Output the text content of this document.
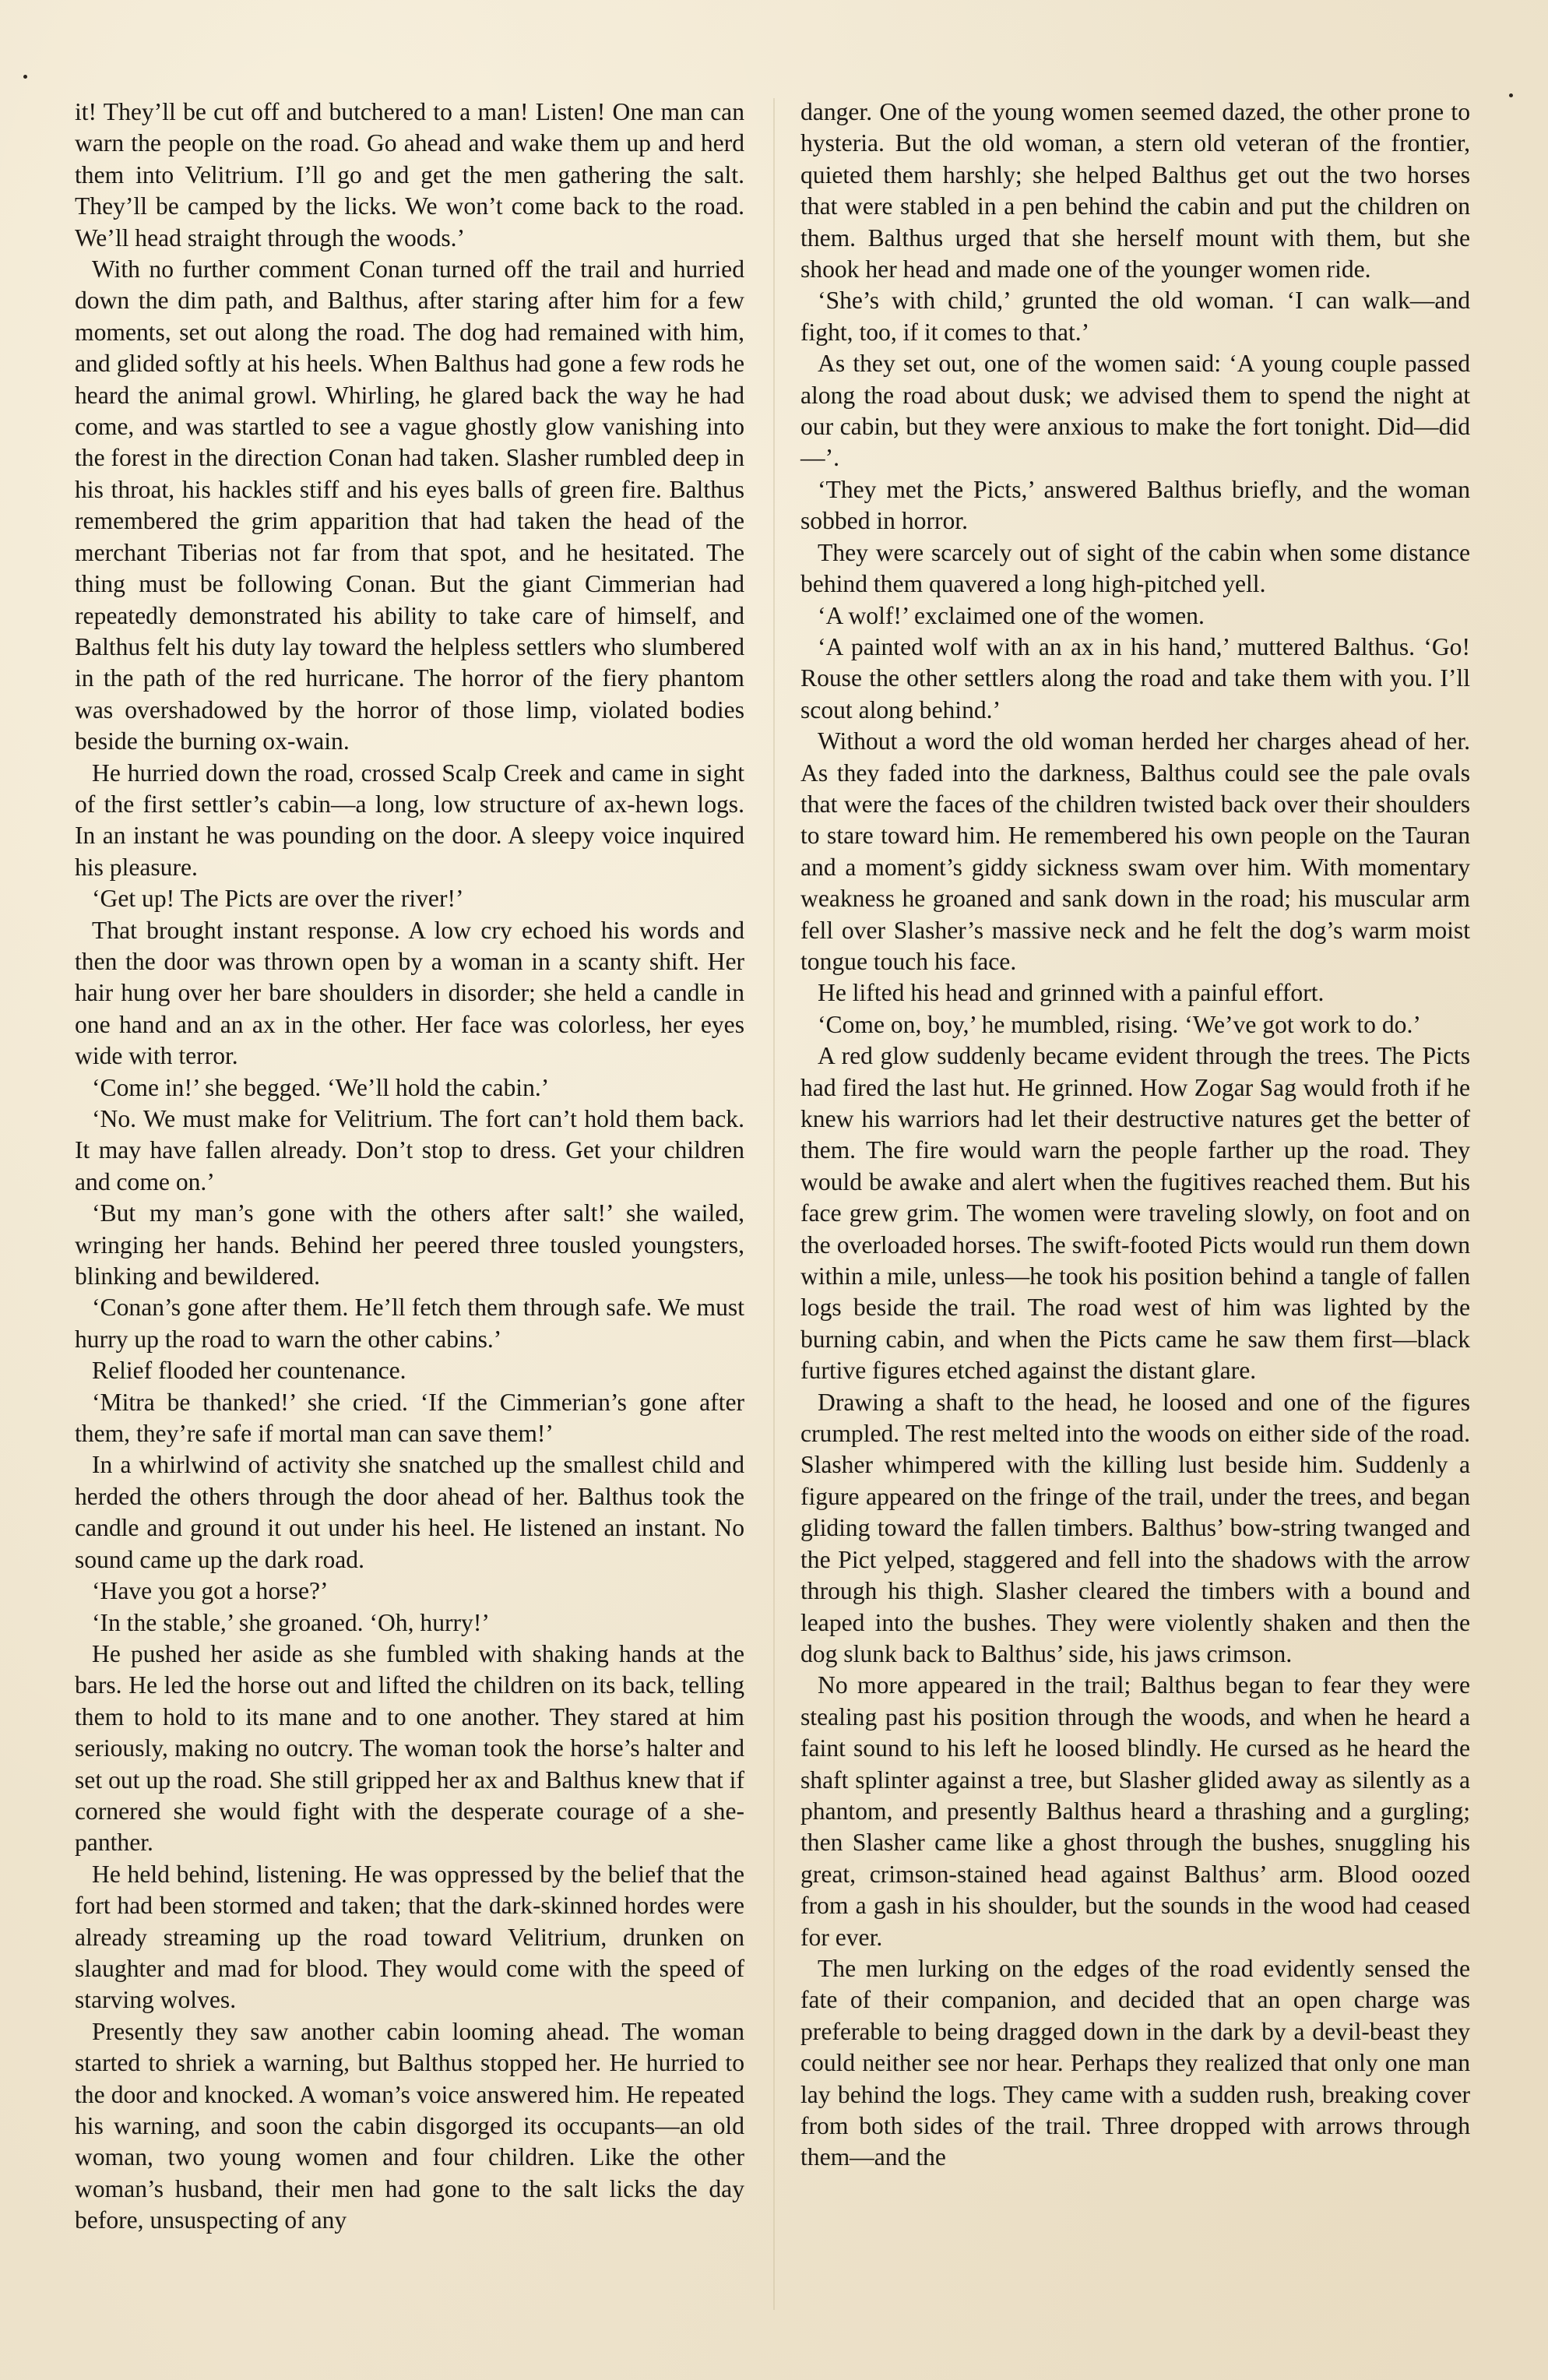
it! They’ll be cut off and butchered to a man! Listen! One man can warn the people on the road. Go ahead and wake them up and herd them into Velitrium. I’ll go and get the men gathering the salt. They’ll be camped by the licks. We won’t come back to the road. We’ll head straight through the woods.’

With no further comment Conan turned off the trail and hurried down the dim path, and Balthus, after staring after him for a few moments, set out along the road. The dog had remained with him, and glided softly at his heels. When Balthus had gone a few rods he heard the animal growl. Whirling, he glared back the way he had come, and was startled to see a vague ghostly glow vanishing into the forest in the direction Conan had taken. Slasher rumbled deep in his throat, his hackles stiff and his eyes balls of green fire. Balthus remembered the grim apparition that had taken the head of the merchant Tiberias not far from that spot, and he hesitated. The thing must be following Conan. But the giant Cimmerian had repeatedly demonstrated his ability to take care of himself, and Balthus felt his duty lay toward the helpless settlers who slumbered in the path of the red hurricane. The horror of the fiery phantom was overshadowed by the horror of those limp, violated bodies beside the burning ox-wain.

He hurried down the road, crossed Scalp Creek and came in sight of the first settler’s cabin—a long, low structure of ax-hewn logs. In an instant he was pounding on the door. A sleepy voice inquired his pleasure.

‘Get up! The Picts are over the river!’

That brought instant response. A low cry echoed his words and then the door was thrown open by a woman in a scanty shift. Her hair hung over her bare shoulders in disorder; she held a candle in one hand and an ax in the other. Her face was colorless, her eyes wide with terror.

‘Come in!’ she begged. ‘We’ll hold the cabin.’

‘No. We must make for Velitrium. The fort can’t hold them back. It may have fallen already. Don’t stop to dress. Get your children and come on.’

‘But my man’s gone with the others after salt!’ she wailed, wringing her hands. Behind her peered three tousled youngsters, blinking and bewildered.

‘Conan’s gone after them. He’ll fetch them through safe. We must hurry up the road to warn the other cabins.’

Relief flooded her countenance.

‘Mitra be thanked!’ she cried. ‘If the Cimmerian’s gone after them, they’re safe if mortal man can save them!’

In a whirlwind of activity she snatched up the smallest child and herded the others through the door ahead of her. Balthus took the candle and ground it out under his heel. He listened an instant. No sound came up the dark road.

‘Have you got a horse?’

‘In the stable,’ she groaned. ‘Oh, hurry!’

He pushed her aside as she fumbled with shaking hands at the bars. He led the horse out and lifted the children on its back, telling them to hold to its mane and to one another. They stared at him seriously, making no outcry. The woman took the horse’s halter and set out up the road. She still gripped her ax and Balthus knew that if cornered she would fight with the desperate courage of a she-panther.

He held behind, listening. He was oppressed by the belief that the fort had been stormed and taken; that the dark-skinned hordes were already streaming up the road toward Velitrium, drunken on slaughter and mad for blood. They would come with the speed of starving wolves.

Presently they saw another cabin looming ahead. The woman started to shriek a warning, but Balthus stopped her. He hurried to the door and knocked. A woman’s voice answered him. He repeated his warning, and soon the cabin disgorged its occupants—an old woman, two young women and four children. Like the other woman’s husband, their men had gone to the salt licks the day before, unsuspecting of any

danger. One of the young women seemed dazed, the other prone to hysteria. But the old woman, a stern old veteran of the frontier, quieted them harshly; she helped Balthus get out the two horses that were stabled in a pen behind the cabin and put the children on them. Balthus urged that she herself mount with them, but she shook her head and made one of the younger women ride.

‘She’s with child,’ grunted the old woman. ‘I can walk—and fight, too, if it comes to that.’

As they set out, one of the women said: ‘A young couple passed along the road about dusk; we advised them to spend the night at our cabin, but they were anxious to make the fort tonight. Did—did—’.

‘They met the Picts,’ answered Balthus briefly, and the woman sobbed in horror.

They were scarcely out of sight of the cabin when some distance behind them quavered a long high-pitched yell.

‘A wolf!’ exclaimed one of the women.

‘A painted wolf with an ax in his hand,’ muttered Balthus. ‘Go! Rouse the other settlers along the road and take them with you. I’ll scout along behind.’

Without a word the old woman herded her charges ahead of her. As they faded into the darkness, Balthus could see the pale ovals that were the faces of the children twisted back over their shoulders to stare toward him. He remembered his own people on the Tauran and a moment’s giddy sickness swam over him. With momentary weakness he groaned and sank down in the road; his muscular arm fell over Slasher’s massive neck and he felt the dog’s warm moist tongue touch his face.

He lifted his head and grinned with a painful effort.

‘Come on, boy,’ he mumbled, rising. ‘We’ve got work to do.’

A red glow suddenly became evident through the trees. The Picts had fired the last hut. He grinned. How Zogar Sag would froth if he knew his warriors had let their destructive natures get the better of them. The fire would warn the people farther up the road. They would be awake and alert when the fugitives reached them. But his face grew grim. The women were traveling slowly, on foot and on the overloaded horses. The swift-footed Picts would run them down within a mile, unless—he took his position behind a tangle of fallen logs beside the trail. The road west of him was lighted by the burning cabin, and when the Picts came he saw them first—black furtive figures etched against the distant glare.

Drawing a shaft to the head, he loosed and one of the figures crumpled. The rest melted into the woods on either side of the road. Slasher whimpered with the killing lust beside him. Suddenly a figure appeared on the fringe of the trail, under the trees, and began gliding toward the fallen timbers. Balthus’ bow-string twanged and the Pict yelped, staggered and fell into the shadows with the arrow through his thigh. Slasher cleared the timbers with a bound and leaped into the bushes. They were violently shaken and then the dog slunk back to Balthus’ side, his jaws crimson.

No more appeared in the trail; Balthus began to fear they were stealing past his position through the woods, and when he heard a faint sound to his left he loosed blindly. He cursed as he heard the shaft splinter against a tree, but Slasher glided away as silently as a phantom, and presently Balthus heard a thrashing and a gurgling; then Slasher came like a ghost through the bushes, snuggling his great, crimson-stained head against Balthus’ arm. Blood oozed from a gash in his shoulder, but the sounds in the wood had ceased for ever.

The men lurking on the edges of the road evidently sensed the fate of their companion, and decided that an open charge was preferable to being dragged down in the dark by a devil-beast they could neither see nor hear. Perhaps they realized that only one man lay behind the logs. They came with a sudden rush, breaking cover from both sides of the trail. Three dropped with arrows through them—and the
